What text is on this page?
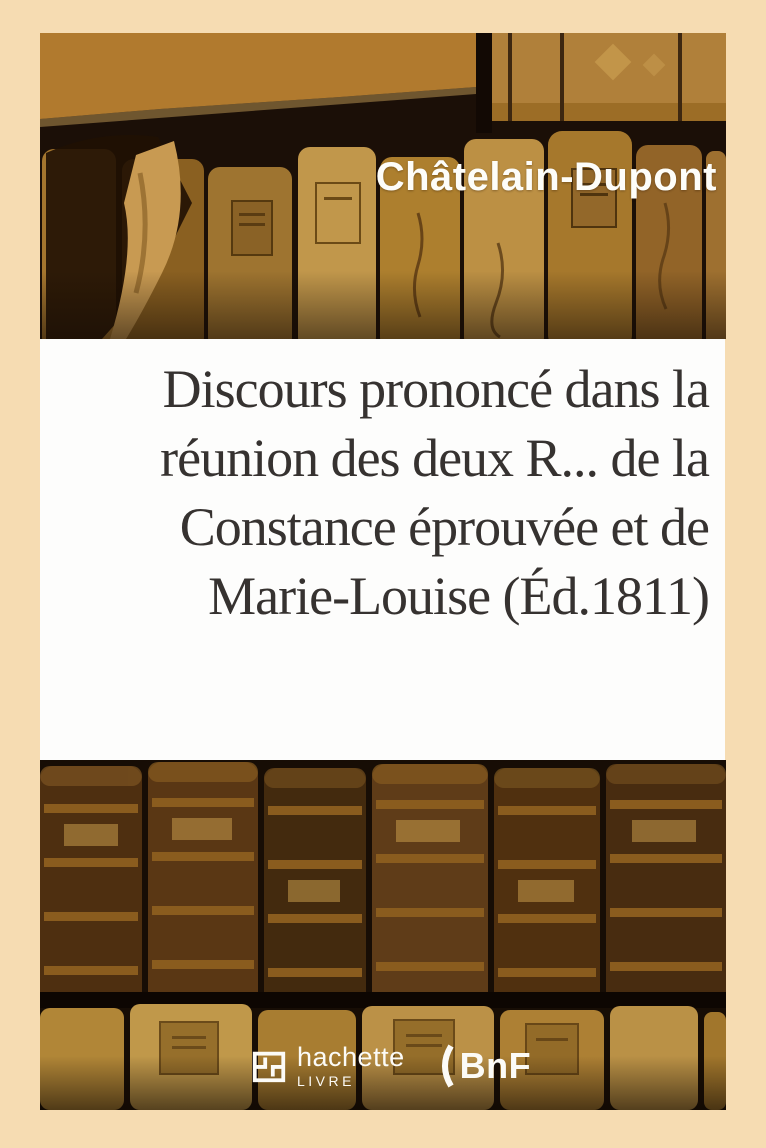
Châtelain-Dupont
Discours prononcé dans la
réunion des deux R... de la
Constance éprouvée et de
Marie-Louise (Éd.1811)
hachette
LIVRE	BnF
